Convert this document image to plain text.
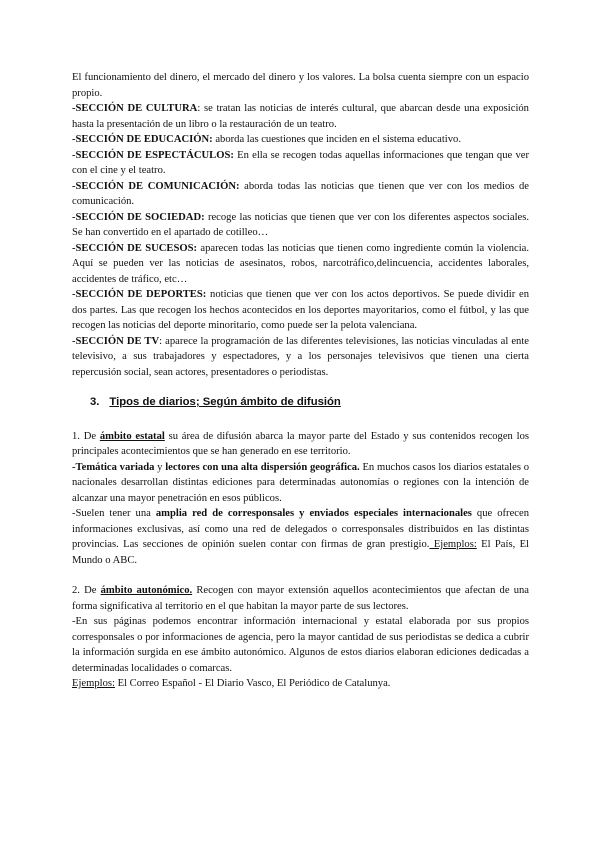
El funcionamiento del dinero, el mercado del dinero y los valores. La bolsa cuenta siempre con un espacio propio.

-SECCIÓN DE CULTURA: se tratan las noticias de interés cultural, que abarcan desde una exposición hasta la presentación de un libro o la restauración de un teatro.

-SECCIÓN DE EDUCACIÓN: aborda las cuestiones que inciden en el sistema educativo.

-SECCIÓN DE ESPECTÁCULOS: En ella se recogen todas aquellas informaciones que tengan que ver con el cine y el teatro.

-SECCIÓN DE COMUNICACIÓN: aborda todas las noticias que tienen que ver con los medios de comunicación.

-SECCIÓN DE SOCIEDAD: recoge las noticias que tienen que ver con los diferentes aspectos sociales. Se han convertido en el apartado de cotilleo…

-SECCIÓN DE SUCESOS: aparecen todas las noticias que tienen como ingrediente común la violencia. Aquí se pueden ver las noticias de asesinatos, robos, narcotráfico,delincuencia, accidentes laborales, accidentes de tráfico, etc…

-SECCIÓN DE DEPORTES: noticias que tienen que ver con los actos deportivos. Se puede dividir en dos partes. Las que recogen los hechos acontecidos en los deportes mayoritarios, como el fútbol, y las que recogen las noticias del deporte minoritario, como puede ser la pelota valenciana.

-SECCIÓN DE TV: aparece la programación de las diferentes televisiones, las noticias vinculadas al ente televisivo, a sus trabajadores y espectadores, y a los personajes televisivos que tienen una cierta repercusión social, sean actores, presentadores o periodistas.

3. Tipos de diarios; Según ámbito de difusión

1. De ámbito estatal su área de difusión abarca la mayor parte del Estado y sus contenidos recogen los principales acontecimientos que se han generado en ese territorio.

-Temática variada y lectores con una alta dispersión geográfica. En muchos casos los diarios estatales o nacionales desarrollan distintas ediciones para determinadas autonomías o regiones con la intención de alcanzar una mayor penetración en esos públicos.

-Suelen tener una amplia red de corresponsales y enviados especiales internacionales que ofrecen informaciones exclusivas, así como una red de delegados o corresponsales distribuidos en las distintas provincias. Las secciones de opinión suelen contar con firmas de gran prestigio. Ejemplos: El País, El Mundo o ABC.

2. De ámbito autonómico. Recogen con mayor extensión aquellos acontecimientos que afectan de una forma significativa al territorio en el que habitan la mayor parte de sus lectores.

-En sus páginas podemos encontrar información internacional y estatal elaborada por sus propios corresponsales o por informaciones de agencia, pero la mayor cantidad de sus periodistas se dedica a cubrir la información surgida en ese ámbito autonómico. Algunos de estos diarios elaboran ediciones dedicadas a determinadas localidades o comarcas.

Ejemplos: El Correo Español - El Diario Vasco, El Periódico de Catalunya.
